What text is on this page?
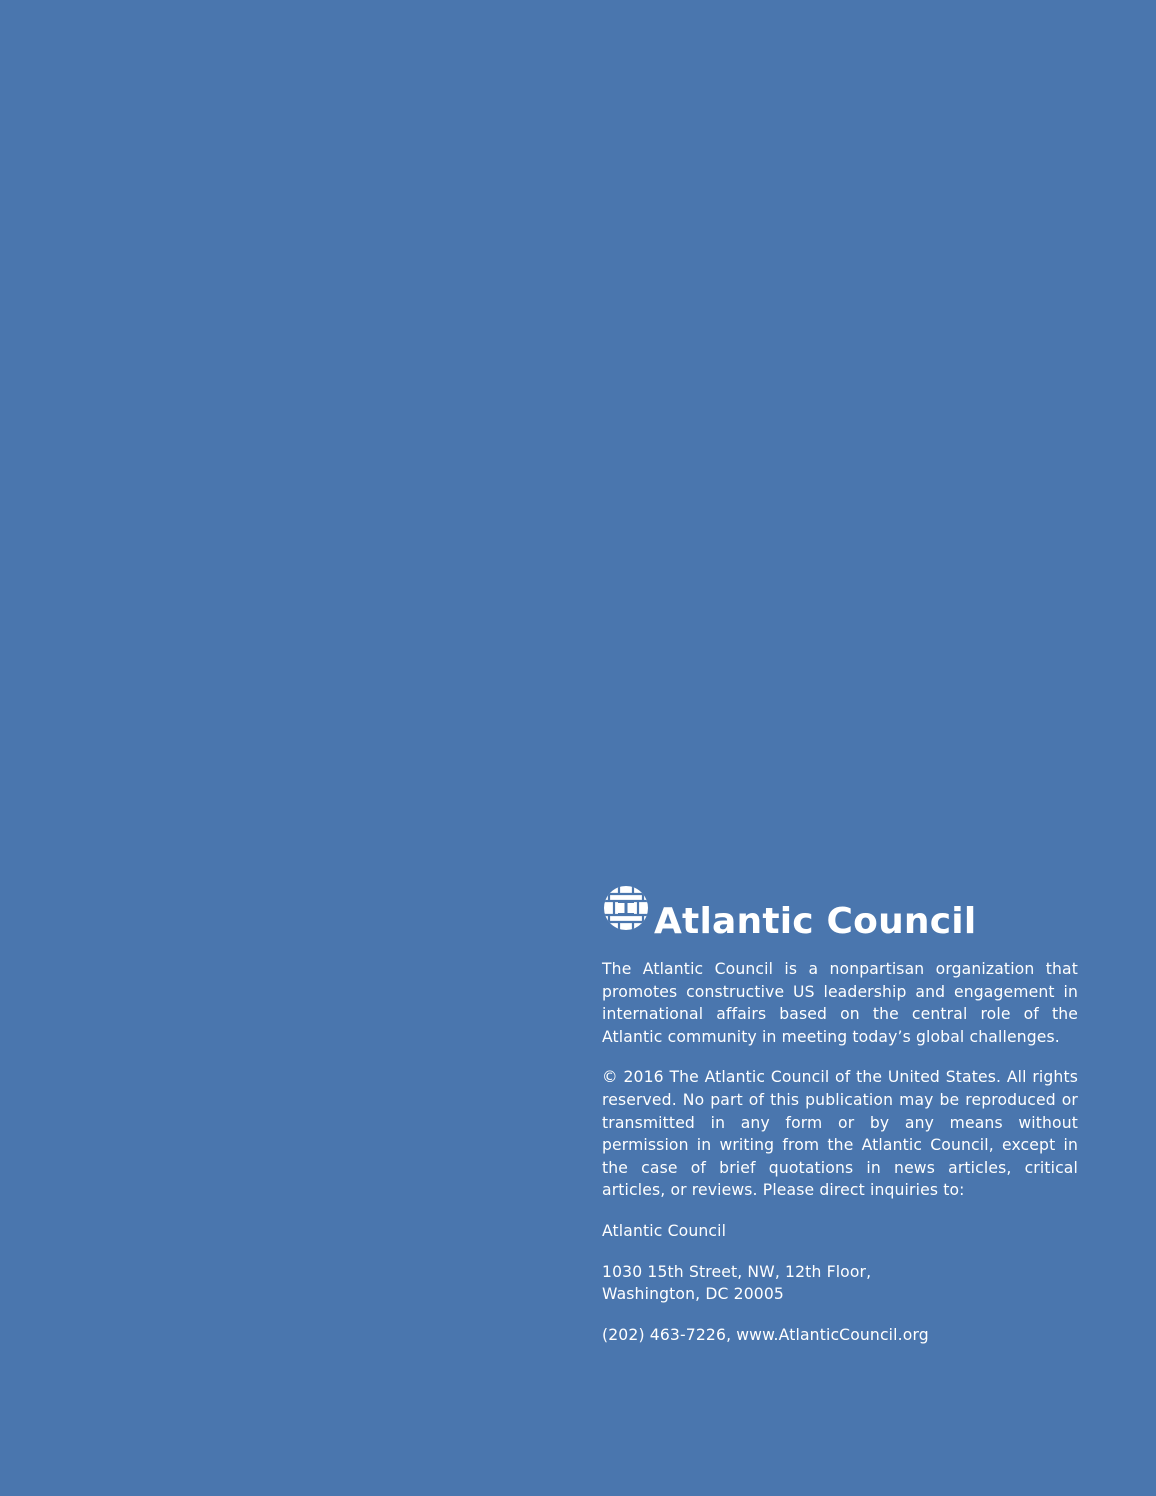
Atlantic Council

The Atlantic Council is a nonpartisan organization that promotes constructive US leadership and engagement in international affairs based on the central role of the Atlantic community in meeting today’s global challenges.

© 2016 The Atlantic Council of the United States. All rights reserved. No part of this publication may be reproduced or transmitted in any form or by any means without permission in writing from the Atlantic Council, except in the case of brief quotations in news articles, critical articles, or reviews. Please direct inquiries to:

Atlantic Council

1030 15th Street, NW, 12th Floor,
Washington, DC 20005

(202) 463-7226, www.AtlanticCouncil.org
